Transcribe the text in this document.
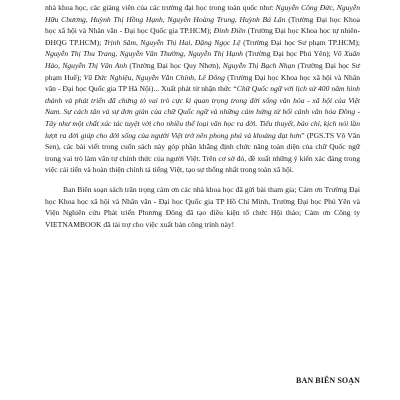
nhà khoa học, các giảng viên của các trường đại học trong toàn quốc như: Nguyễn Công Đức, Nguyễn Hữu Chương, Huỳnh Thị Hồng Hạnh, Nguyễn Hoàng Trung, Huỳnh Bá Lân (Trường Đại học Khoa học xã hội và Nhân văn - Đại học Quốc gia TP.HCM); Đinh Điền (Trường Đại học Khoa học tự nhiên-ĐHQG TP.HCM); Trịnh Sâm, Nguyễn Thị Hai, Đặng Ngọc Lệ (Trường Đại học Sư phạm TP.HCM); Nguyễn Thị Thu Trang, Nguyễn Văn Thường, Nguyễn Thị Hạnh (Trường Đại học Phú Yên); Võ Xuân Hào, Nguyễn Thị Vân Anh (Trường Đại học Quy Nhơn), Nguyễn Thị Bạch Nhạn (Trường Đại học Sư phạm Huế); Vũ Đức Nghiệu, Nguyễn Văn Chính, Lê Đông (Trường Đại học Khoa học xã hội và Nhân văn - Đại học Quốc gia TP Hà Nội)... Xuất phát từ nhận thức “Chữ Quốc ngữ với lịch sử 400 năm hình thành và phát triển đã chứng tỏ vai trò cực kì quan trọng trong đời sống văn hóa - xã hội của Việt Nam. Sự cách tân và sự đơn giản của chữ Quốc ngữ và những cảm hứng từ bối cảnh văn hóa Đông - Tây như một chất xúc tác tuyệt vời cho nhiều thể loại văn học ra đời. Tiểu thuyết, báo chí, kịch nói lần lượt ra đời giúp cho đời sống của người Việt trở nên phong phú và khoảng đạt hơn” (PGS.TS Võ Văn Sen), các bài viết trong cuốn sách này góp phần khẳng định chức năng toàn diện của chữ Quốc ngữ trong vai trò làm văn tự chính thức của người Việt. Trên cơ sở đó, đề xuất những ý kiến xác đáng trong việc cải tiến và hoàn thiện chính tả tiếng Việt, tạo sự thống nhất trong toàn xã hội.

Ban Biên soạn sách trân trọng cảm ơn các nhà khoa học đã gửi bài tham gia; Cảm ơn Trường Đại học Khoa học xã hội và Nhân văn - Đại học Quốc gia TP Hồ Chí Minh, Trường Đại học Phú Yên và Viện Nghiên cứu Phát triển Phương Đông đã tạo điều kiện tổ chức Hội thảo; Cảm ơn Công ty VIETNAMBOOK đã tài trợ cho việc xuất bản công trình này!

BAN BIÊN SOẠN
